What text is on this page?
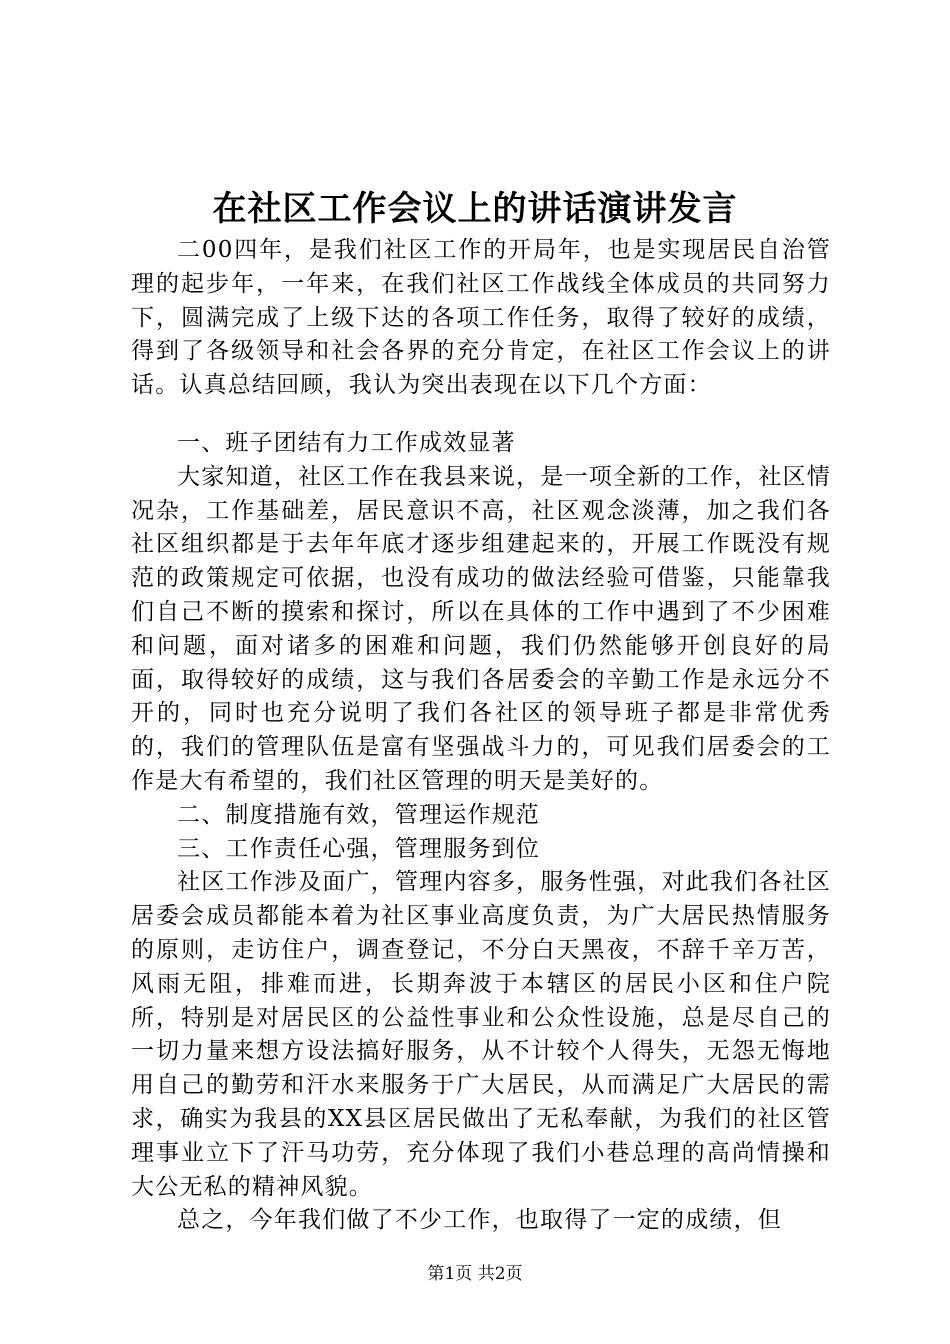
在社区工作会议上的讲话演讲发言

二00四年，是我们社区工作的开局年，也是实现居民自治管理的起步年，一年来，在我们社区工作战线全体成员的共同努力下，圆满完成了上级下达的各项工作任务，取得了较好的成绩，得到了各级领导和社会各界的充分肯定，在社区工作会议上的讲话。认真总结回顾，我认为突出表现在以下几个方面：

一、班子团结有力工作成效显著

大家知道，社区工作在我县来说，是一项全新的工作，社区情况杂，工作基础差，居民意识不高，社区观念淡薄，加之我们各社区组织都是于去年年底才逐步组建起来的，开展工作既没有规范的政策规定可依据，也没有成功的做法经验可借鉴，只能靠我们自己不断的摸索和探讨，所以在具体的工作中遇到了不少困难和问题，面对诸多的困难和问题，我们仍然能够开创良好的局面，取得较好的成绩，这与我们各居委会的辛勤工作是永远分不开的，同时也充分说明了我们各社区的领导班子都是非常优秀的，我们的管理队伍是富有坚强战斗力的，可见我们居委会的工作是大有希望的，我们社区管理的明天是美好的。

二、制度措施有效，管理运作规范

三、工作责任心强，管理服务到位

社区工作涉及面广，管理内容多，服务性强，对此我们各社区居委会成员都能本着为社区事业高度负责，为广大居民热情服务的原则，走访住户，调查登记，不分白天黑夜，不辞千辛万苦，风雨无阻，排难而进，长期奔波于本辖区的居民小区和住户院所，特别是对居民区的公益性事业和公众性设施，总是尽自己的一切力量来想方设法搞好服务，从不计较个人得失，无怨无悔地用自己的勤劳和汗水来服务于广大居民，从而满足广大居民的需求，确实为我县的XX县区居民做出了无私奉献，为我们的社区管理事业立下了汗马功劳，充分体现了我们小巷总理的高尚情操和大公无私的精神风貌。

总之，今年我们做了不少工作，也取得了一定的成绩，但

第1页 共2页
